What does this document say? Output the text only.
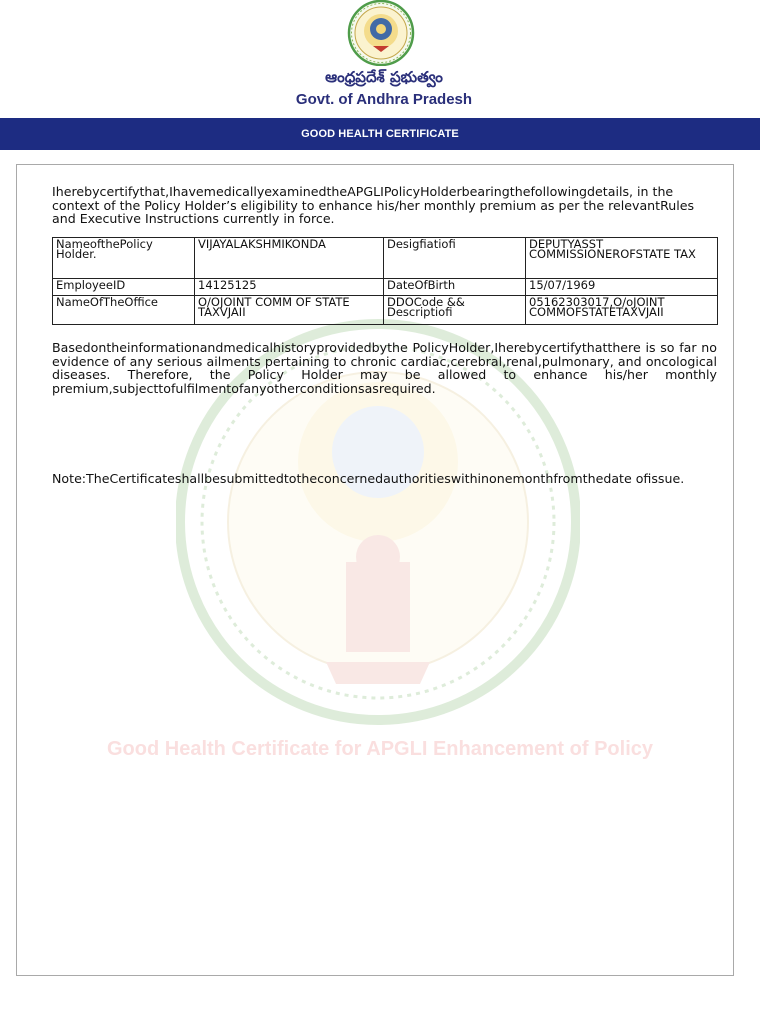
ఆంధ్రప్రదేశ్ ప్రభుత్వం
Govt. of Andhra Pradesh
GOOD HEALTH CERTIFICATE
Good Health Certificate for APGLI Enhancement of Policy
Iherebycertifythat,IhavemedicallyexaminedtheAPGLIPolicyHolderbearingthefollowingdetails, in the context of the Policy Holder’s eligibility to enhance his/her monthly premium as per the relevantRules and Executive Instructions currently in force.
NameofthePolicy Holder.	VIJAYALAKSHMIKONDA	Desigfiatiofi	DEPUTYASST COMMISSIONEROFSTATE TAX
EmployeeID	14125125	DateOfBirth	15/07/1969
NameOfTheOffice	O/OJOINT COMM OF STATE TAXVJAII	DDOCode && Descriptiofi	05162303017,O/oJOINT COMMOFSTATETAXVJAII
Basedontheinformationandmedicalhistoryprovidedbythe PolicyHolder,Iherebycertifythatthere is so far no evidence of any serious ailments pertaining to chronic cardiac,cerebral,renal,pulmonary, and oncological diseases. Therefore, the Policy Holder may be allowed to enhance his/her monthly premium,subjecttofulfilmentofanyotherconditionsasrequired.
Note:TheCertificateshallbesubmittedtotheconcernedauthoritieswithinonemonthfromthedate ofissue.
